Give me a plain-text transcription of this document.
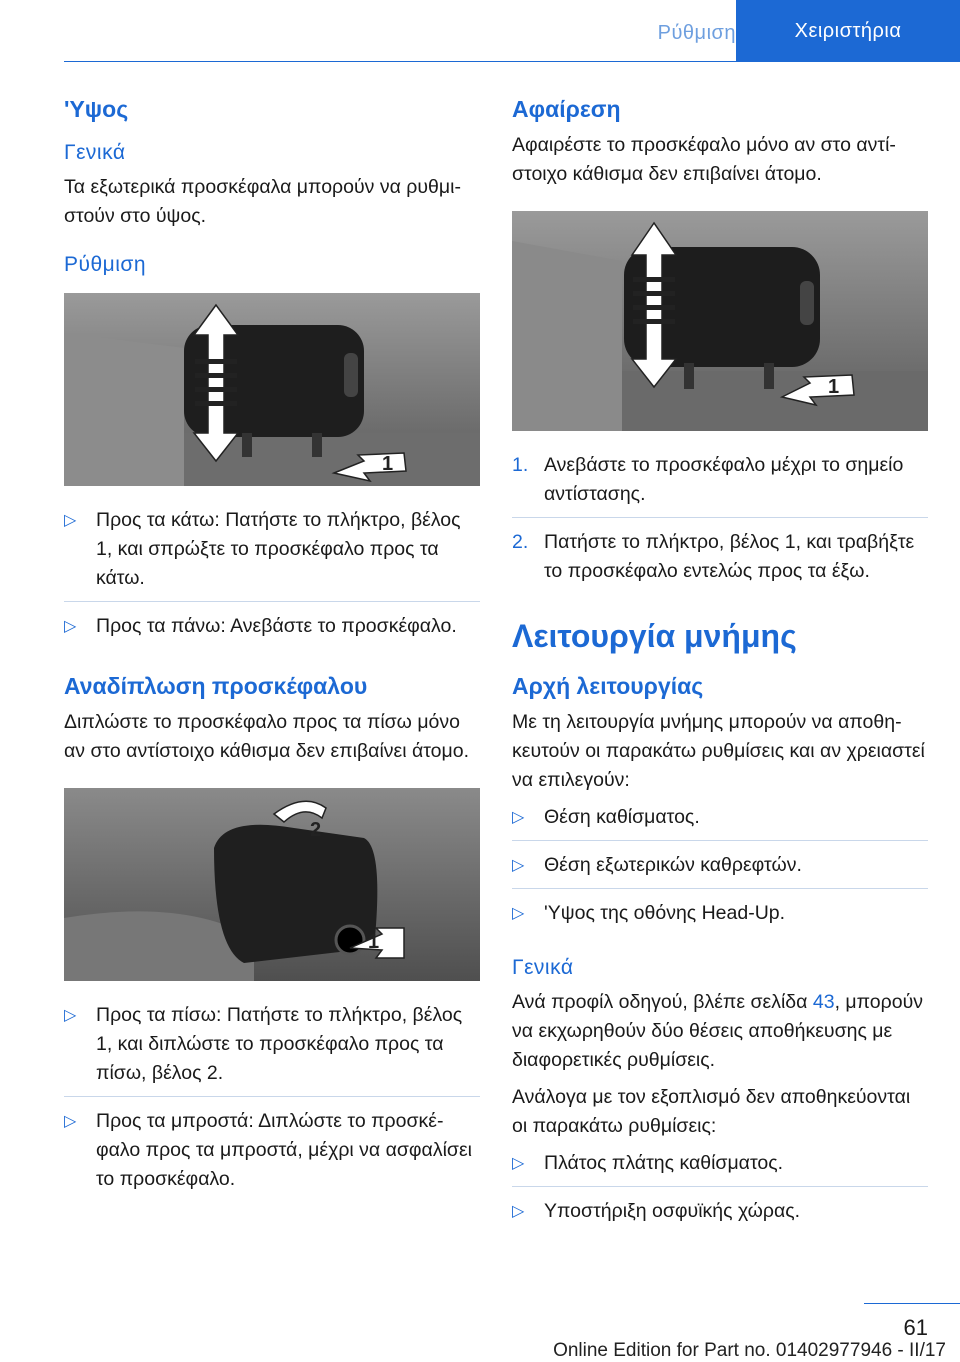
Ρύθμιση	Χειριστήρια
'Υψος
Γενικά

Τα εξωτερικά προσκέφαλα μπορούν να ρυθμιστούν στο ύψος.

Ρύθμιση
1
▷ Προς τα κάτω: Πατήστε το πλήκτρο, βέλος 1, και σπρώξτε το προσκέφαλο προς τα κάτω.
▷ Προς τα πάνω: Ανεβάστε το προσκέφαλο.
Αναδίπλωση προσκέφαλου

Διπλώστε το προσκέφαλο προς τα πίσω μόνο αν στο αντίστοιχο κάθισμα δεν επιβαίνει άτομο.

2
1
▷ Προς τα πίσω: Πατήστε το πλήκτρο, βέλος 1, και διπλώστε το προσκέφαλο προς τα πίσω, βέλος 2.
▷ Προς τα μπροστά: Διπλώστε το προσκέφαλο προς τα μπροστά, μέχρι να ασφαλίσει το προσκέφαλο.
Αφαίρεση

Αφαιρέστε το προσκέφαλο μόνο αν στο αντίστοιχο κάθισμα δεν επιβαίνει άτομο.

1
1. Ανεβάστε το προσκέφαλο μέχρι το σημείο αντίστασης.
2. Πατήστε το πλήκτρο, βέλος 1, και τραβήξτε το προσκέφαλο εντελώς προς τα έξω.
Λειτουργία μνήμης
Αρχή λειτουργίας

Με τη λειτουργία μνήμης μπορούν να αποθηκευτούν οι παρακάτω ρυθμίσεις και αν χρειαστεί να επιλεγούν:

▷ Θέση καθίσματος.
▷ Θέση εξωτερικών καθρεφτών.
▷ 'Υψος της οθόνης Head-Up.
Γενικά

Ανά προφίλ οδηγού, βλέπε σελίδα 43, μπορούν να εκχωρηθούν δύο θέσεις αποθήκευσης με διαφορετικές ρυθμίσεις.

Ανάλογα με τον εξοπλισμό δεν αποθηκεύονται οι παρακάτω ρυθμίσεις:

▷ Πλάτος πλάτης καθίσματος.
▷ Υποστήριξη οσφυϊκής χώρας.
61
Online Edition for Part no. 01402977946 - II/17
